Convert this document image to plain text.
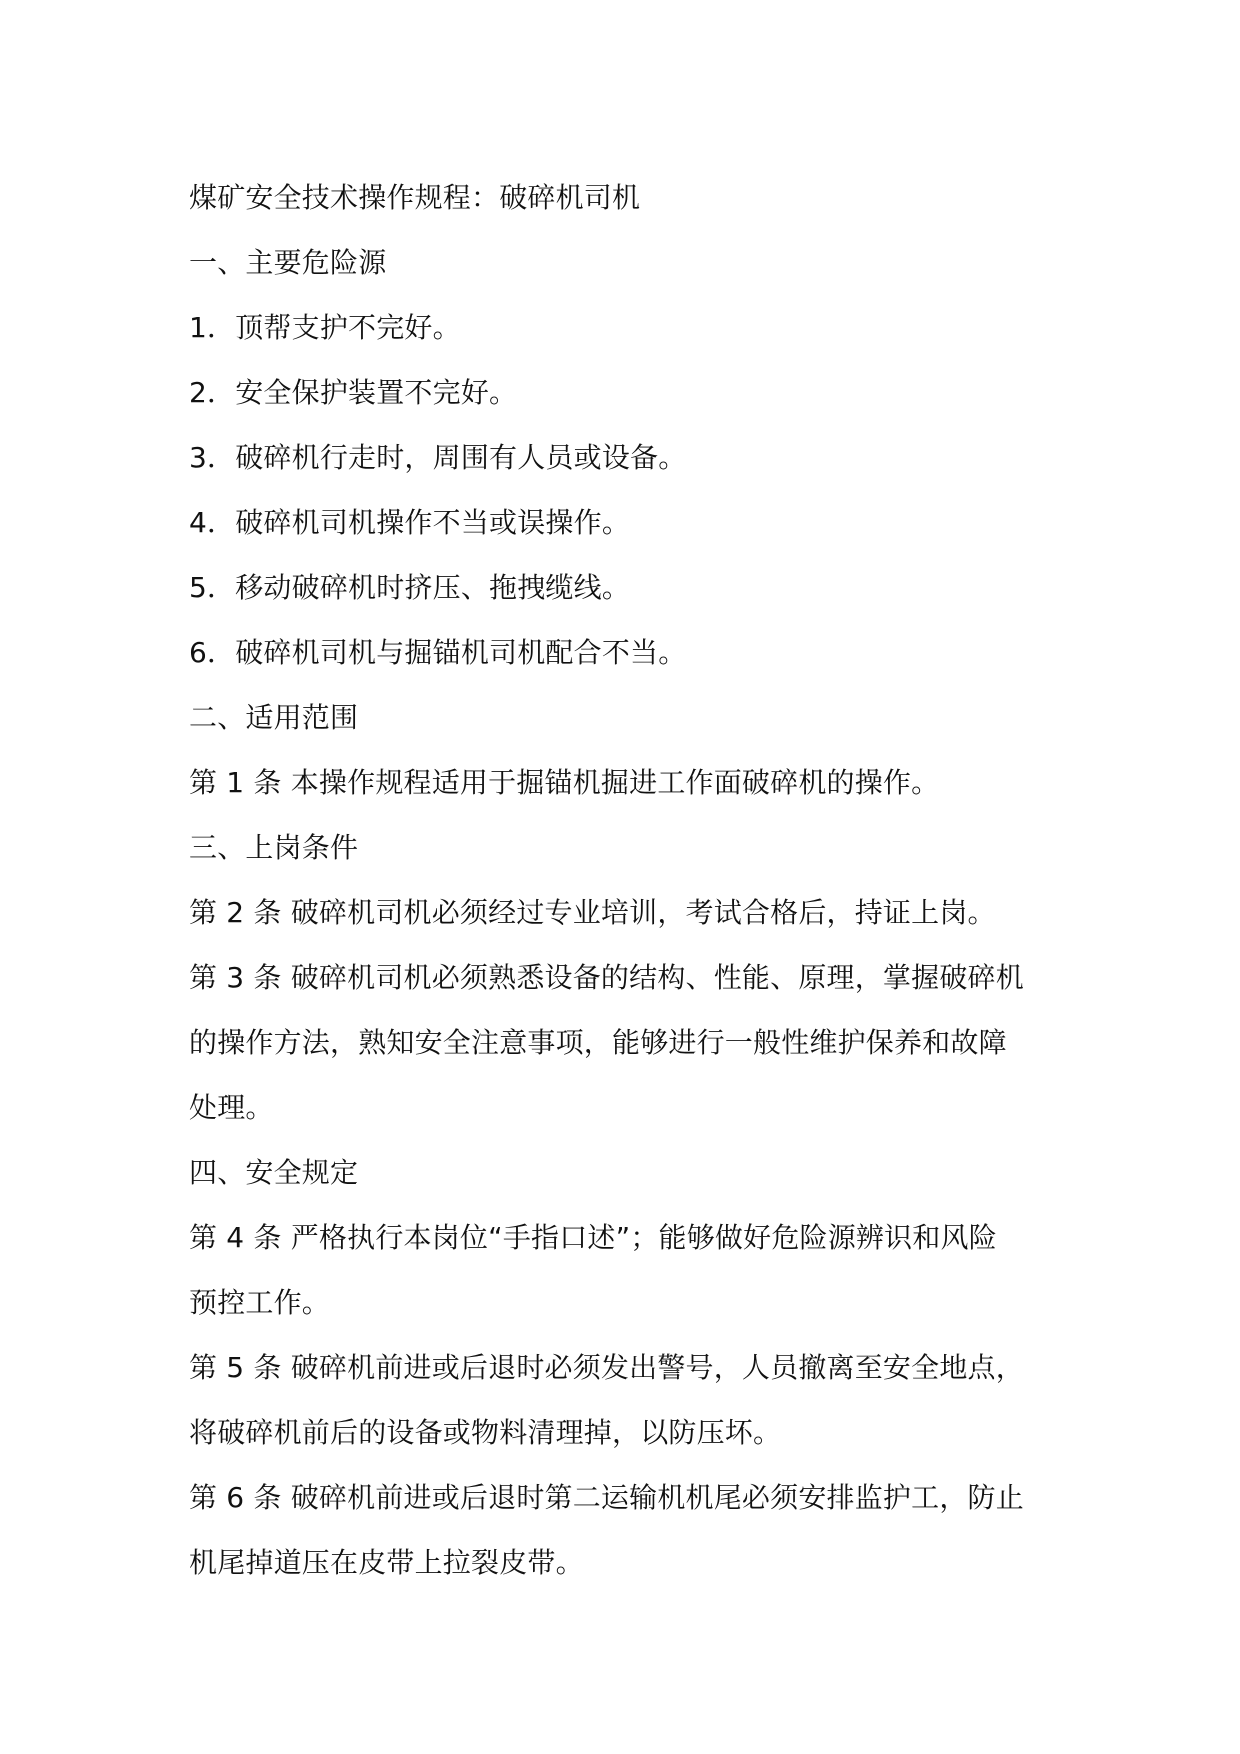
煤矿安全技术操作规程：破碎机司机
一、主要危险源
1．顶帮支护不完好。
2．安全保护装置不完好。
3．破碎机行走时，周围有人员或设备。
4．破碎机司机操作不当或误操作。
5．移动破碎机时挤压、拖拽缆线。
6．破碎机司机与掘锚机司机配合不当。
二、适用范围
第 1 条 本操作规程适用于掘锚机掘进工作面破碎机的操作。
三、上岗条件
第 2 条 破碎机司机必须经过专业培训，考试合格后，持证上岗。
第 3 条 破碎机司机必须熟悉设备的结构、性能、原理，掌握破碎机
的操作方法，熟知安全注意事项，能够进行一般性维护保养和故障
处理。
四、安全规定
第 4 条 严格执行本岗位“手指口述”；能够做好危险源辨识和风险
预控工作。
第 5 条 破碎机前进或后退时必须发出警号，人员撤离至安全地点，
将破碎机前后的设备或物料清理掉，以防压坏。
第 6 条 破碎机前进或后退时第二运输机机尾必须安排监护工，防止
机尾掉道压在皮带上拉裂皮带。
